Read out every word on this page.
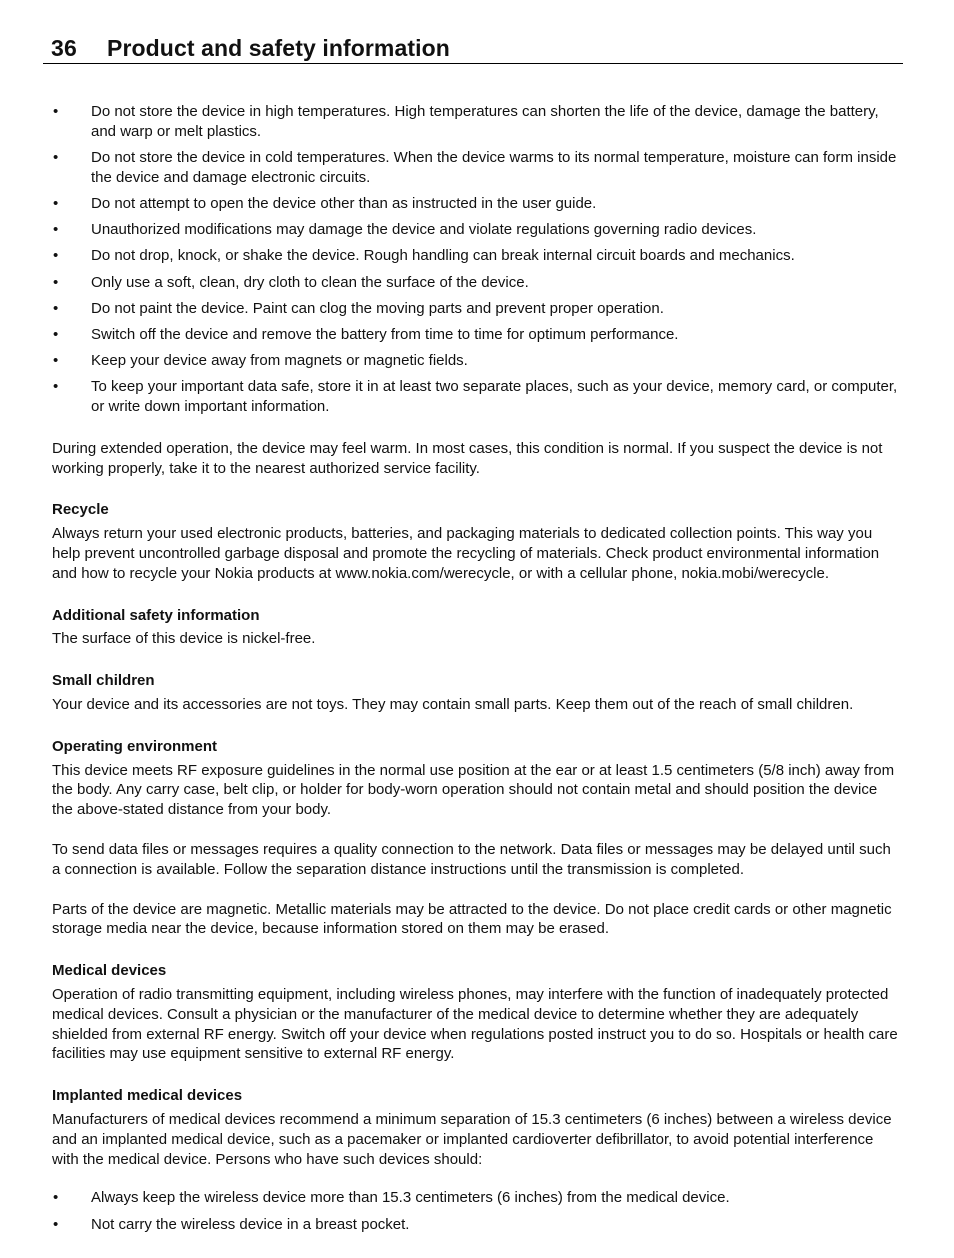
36 Product and safety information
• Do not store the device in high temperatures. High temperatures can shorten the life of the device, damage the battery, and warp or melt plastics.
• Do not store the device in cold temperatures. When the device warms to its normal temperature, moisture can form inside the device and damage electronic circuits.
• Do not attempt to open the device other than as instructed in the user guide.
• Unauthorized modifications may damage the device and violate regulations governing radio devices.
• Do not drop, knock, or shake the device. Rough handling can break internal circuit boards and mechanics.
• Only use a soft, clean, dry cloth to clean the surface of the device.
• Do not paint the device. Paint can clog the moving parts and prevent proper operation.
• Switch off the device and remove the battery from time to time for optimum performance.
• Keep your device away from magnets or magnetic fields.
• To keep your important data safe, store it in at least two separate places, such as your device, memory card, or computer, or write down important information.

During extended operation, the device may feel warm. In most cases, this condition is normal. If you suspect the device is not working properly, take it to the nearest authorized service facility.

Recycle

Always return your used electronic products, batteries, and packaging materials to dedicated collection points. This way you help prevent uncontrolled garbage disposal and promote the recycling of materials. Check product environmental information and how to recycle your Nokia products at www.nokia.com/werecycle, or with a cellular phone, nokia.mobi/werecycle.

Additional safety information

The surface of this device is nickel-free.

Small children

Your device and its accessories are not toys. They may contain small parts. Keep them out of the reach of small children.

Operating environment

This device meets RF exposure guidelines in the normal use position at the ear or at least 1.5 centimeters (5/8 inch) away from the body. Any carry case, belt clip, or holder for body-worn operation should not contain metal and should position the device the above-stated distance from your body.

To send data files or messages requires a quality connection to the network. Data files or messages may be delayed until such a connection is available. Follow the separation distance instructions until the transmission is completed.

Parts of the device are magnetic. Metallic materials may be attracted to the device. Do not place credit cards or other magnetic storage media near the device, because information stored on them may be erased.

Medical devices

Operation of radio transmitting equipment, including wireless phones, may interfere with the function of inadequately protected medical devices. Consult a physician or the manufacturer of the medical device to determine whether they are adequately shielded from external RF energy. Switch off your device when regulations posted instruct you to do so. Hospitals or health care facilities may use equipment sensitive to external RF energy.

Implanted medical devices

Manufacturers of medical devices recommend a minimum separation of 15.3 centimeters (6 inches) between a wireless device and an implanted medical device, such as a pacemaker or implanted cardioverter defibrillator, to avoid potential interference with the medical device. Persons who have such devices should:

• Always keep the wireless device more than 15.3 centimeters (6 inches) from the medical device.
• Not carry the wireless device in a breast pocket.
